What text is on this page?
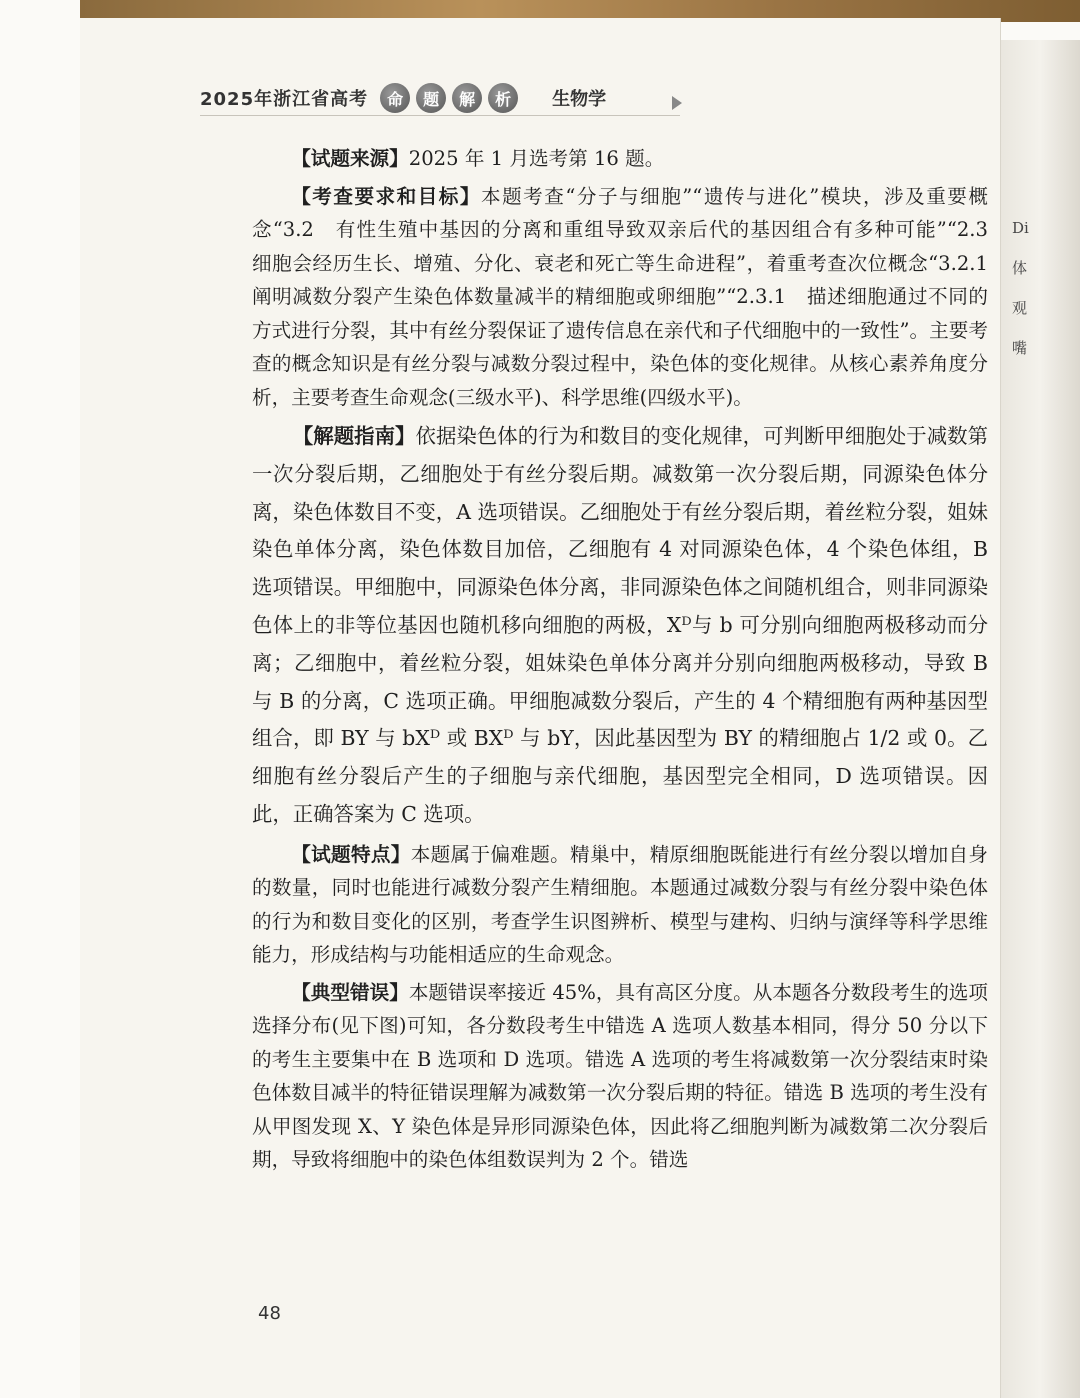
Di
体
观
嘴
2025年浙江省高考	命	题	解	析	生物学

【试题来源】2025 年 1 月选考第 16 题。

【考查要求和目标】本题考查“分子与细胞”“遗传与进化”模块，涉及重要概念“3.2　有性生殖中基因的分离和重组导致双亲后代的基因组合有多种可能”“2.3　细胞会经历生长、增殖、分化、衰老和死亡等生命进程”，着重考查次位概念“3.2.1　阐明减数分裂产生染色体数量减半的精细胞或卵细胞”“2.3.1　描述细胞通过不同的方式进行分裂，其中有丝分裂保证了遗传信息在亲代和子代细胞中的一致性”。主要考查的概念知识是有丝分裂与减数分裂过程中，染色体的变化规律。从核心素养角度分析，主要考查生命观念(三级水平)、科学思维(四级水平)。

【解题指南】依据染色体的行为和数目的变化规律，可判断甲细胞处于减数第一次分裂后期，乙细胞处于有丝分裂后期。减数第一次分裂后期，同源染色体分离，染色体数目不变，A 选项错误。乙细胞处于有丝分裂后期，着丝粒分裂，姐妹染色单体分离，染色体数目加倍，乙细胞有 4 对同源染色体，4 个染色体组，B 选项错误。甲细胞中，同源染色体分离，非同源染色体之间随机组合，则非同源染色体上的非等位基因也随机移向细胞的两极，Xᴰ与 b 可分别向细胞两极移动而分离；乙细胞中，着丝粒分裂，姐妹染色单体分离并分别向细胞两极移动，导致 B 与 B 的分离，C 选项正确。甲细胞减数分裂后，产生的 4 个精细胞有两种基因型组合，即 BY 与 bXᴰ 或 BXᴰ 与 bY，因此基因型为 BY 的精细胞占 1/2 或 0。乙细胞有丝分裂后产生的子细胞与亲代细胞，基因型完全相同，D 选项错误。因此，正确答案为 C 选项。

【试题特点】本题属于偏难题。精巢中，精原细胞既能进行有丝分裂以增加自身的数量，同时也能进行减数分裂产生精细胞。本题通过减数分裂与有丝分裂中染色体的行为和数目变化的区别，考查学生识图辨析、模型与建构、归纳与演绎等科学思维能力，形成结构与功能相适应的生命观念。

【典型错误】本题错误率接近 45%，具有高区分度。从本题各分数段考生的选项选择分布(见下图)可知，各分数段考生中错选 A 选项人数基本相同，得分 50 分以下的考生主要集中在 B 选项和 D 选项。错选 A 选项的考生将减数第一次分裂结束时染色体数目减半的特征错误理解为减数第一次分裂后期的特征。错选 B 选项的考生没有从甲图发现 X、Y 染色体是异形同源染色体，因此将乙细胞判断为减数第二次分裂后期，导致将细胞中的染色体组数误判为 2 个。错选

48
